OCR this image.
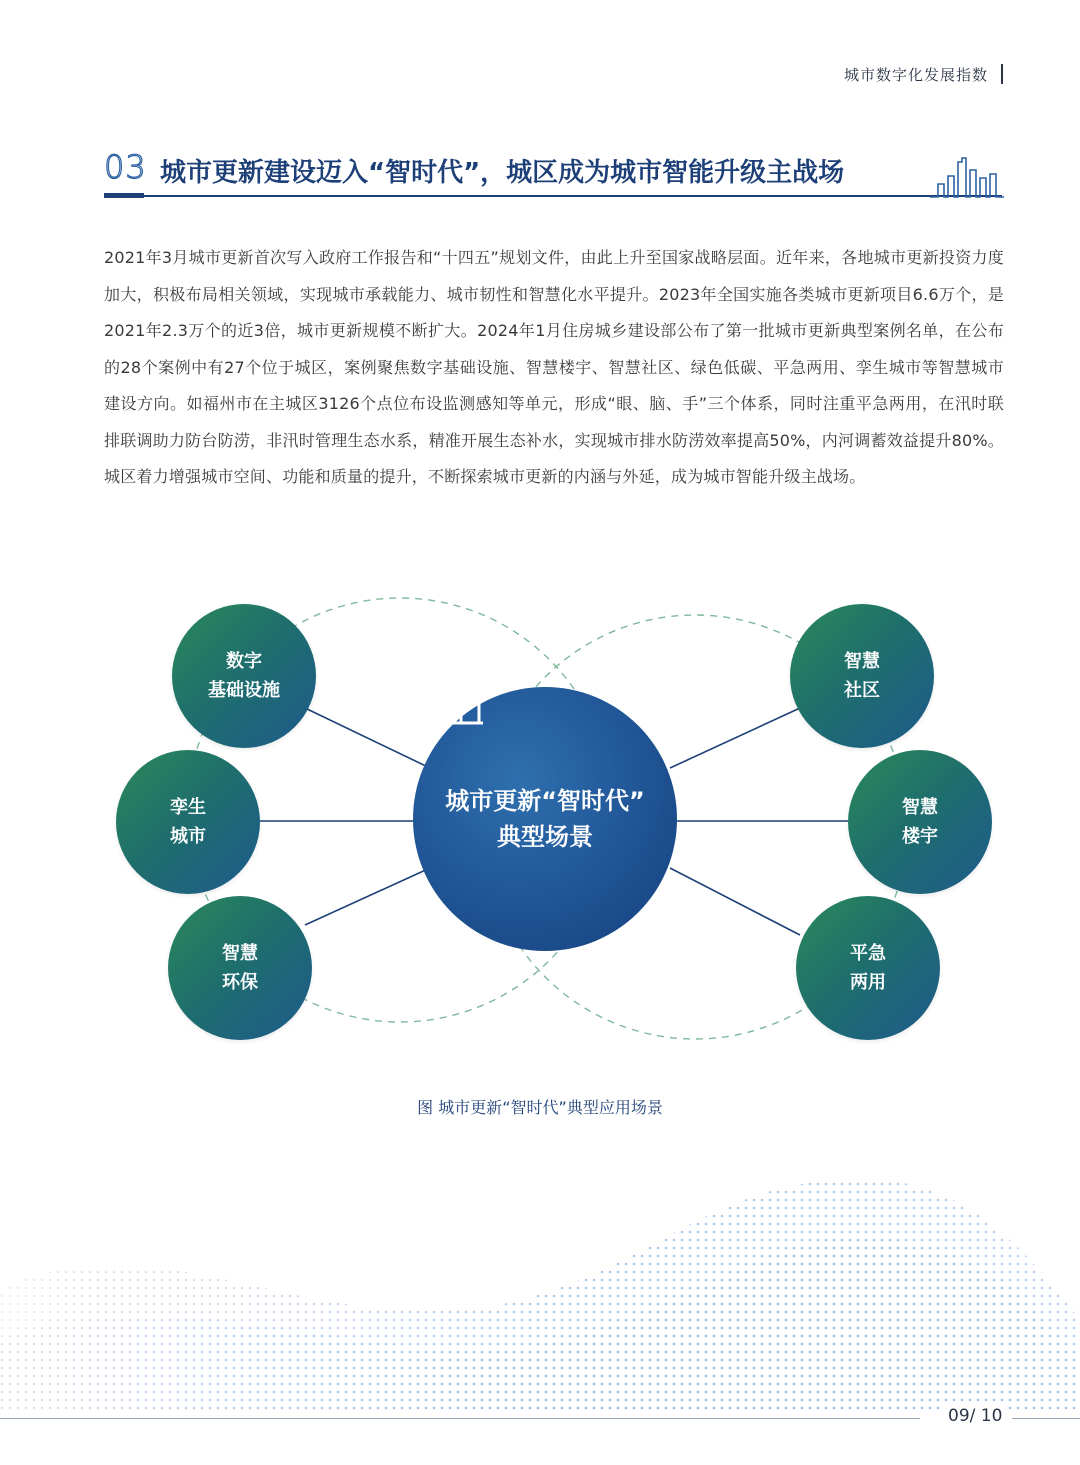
城市数字化发展指数
03 城市更新建设迈入“智时代”，城区成为城市智能升级主战场
2021年3月城市更新首次写入政府工作报告和“十四五”规划文件，由此上升至国家战略层面。近年来，各地城市更新投资力度加大，积极布局相关领域，实现城市承载能力、城市韧性和智慧化水平提升。2023年全国实施各类城市更新项目6.6万个，是2021年2.3万个的近3倍，城市更新规模不断扩大。2024年1月住房城乡建设部公布了第一批城市更新典型案例名单，在公布的28个案例中有27个位于城区，案例聚焦数字基础设施、智慧楼宇、智慧社区、绿色低碳、平急两用、孪生城市等智慧城市建设方向。如福州市在主城区3126个点位布设监测感知等单元，形成“眼、脑、手”三个体系，同时注重平急两用，在汛时联排联调助力防台防涝，非汛时管理生态水系，精准开展生态补水，实现城市排水防涝效率提高50%，内河调蓄效益提升80%。城区着力增强城市空间、功能和质量的提升，不断探索城市更新的内涵与外延，成为城市智能升级主战场。
城市更新“智时代”
典型场景
数字
基础设施
孪生
城市
智慧
环保
智慧
社区
智慧
楼宇
平急
两用
图 城市更新“智时代”典型应用场景
09/ 10
